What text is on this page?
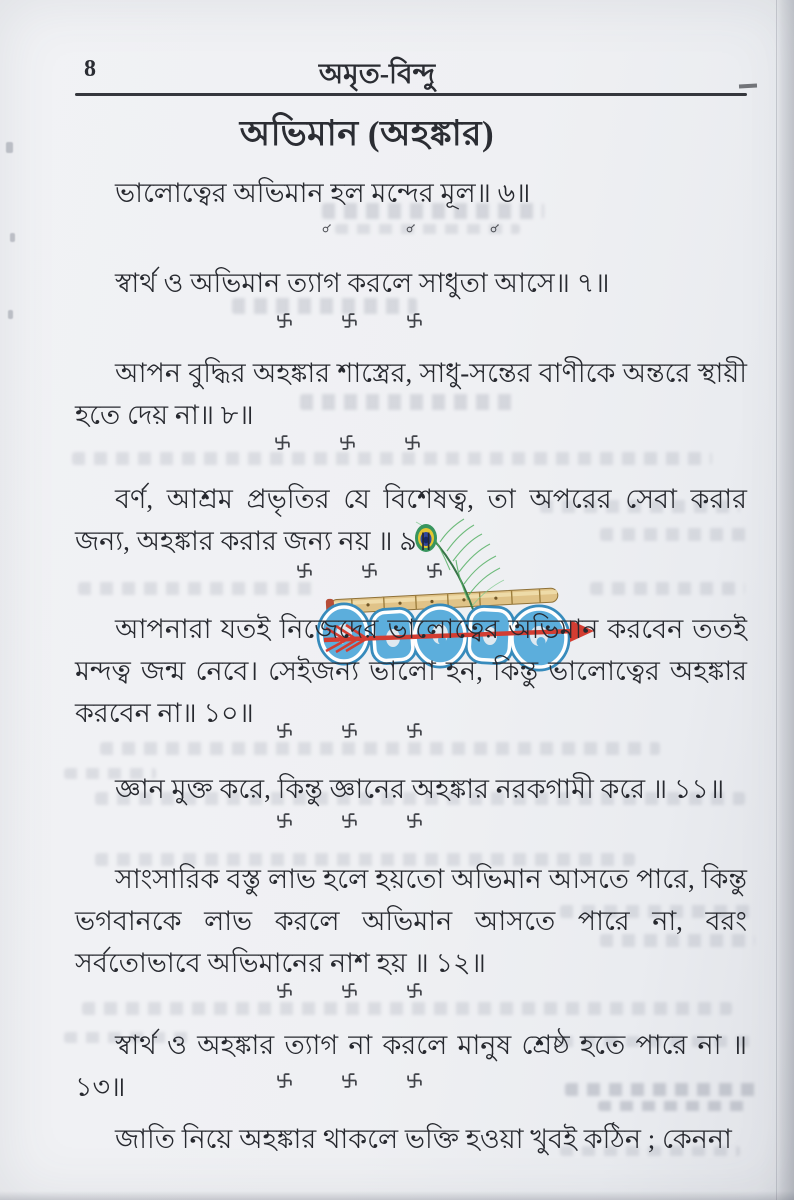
8	অমৃত-বিন্দু
অভিমান (অহঙ্কার)

ভালোত্বের অভিমান হল মন্দের মূল॥ ৬॥

স্বার্থ ও অভিমান ত্যাগ করলে সাধুতা আসে॥ ৭॥

আপন বুদ্ধির অহঙ্কার শাস্ত্রের, সাধু-সন্তের বাণীকে অন্তরে স্থায়ী হতে দেয় না॥ ৮॥

বর্ণ, আশ্রম প্রভৃতির যে বিশেষত্ব, তা অপরের সেবা করার জন্য, অহঙ্কার করার জন্য নয় ॥ ৯॥

আপনারা যতই নিজেদের ভালোত্বের অভিমান করবেন ততই মন্দত্ব জন্ম নেবে। সেইজন্য ভালো হন, কিন্তু ভালোত্বের অহঙ্কার করবেন না॥ ১০॥

জ্ঞান মুক্ত করে, কিন্তু জ্ঞানের অহঙ্কার নরকগামী করে ॥ ১১॥

সাংসারিক বস্তু লাভ হলে হয়তো অভিমান আসতে পারে, কিন্তু ভগবানকে লাভ করলে অভিমান আসতে পারে না, বরং সর্বতোভাবে অভিমানের নাশ হয় ॥ ১২॥

স্বার্থ ও অহঙ্কার ত্যাগ না করলে মানুষ শ্রেষ্ঠ হতে পারে না ॥ ১৩॥

জাতি নিয়ে অহঙ্কার থাকলে ভক্তি হওয়া খুবই কঠিন ; কেননা
